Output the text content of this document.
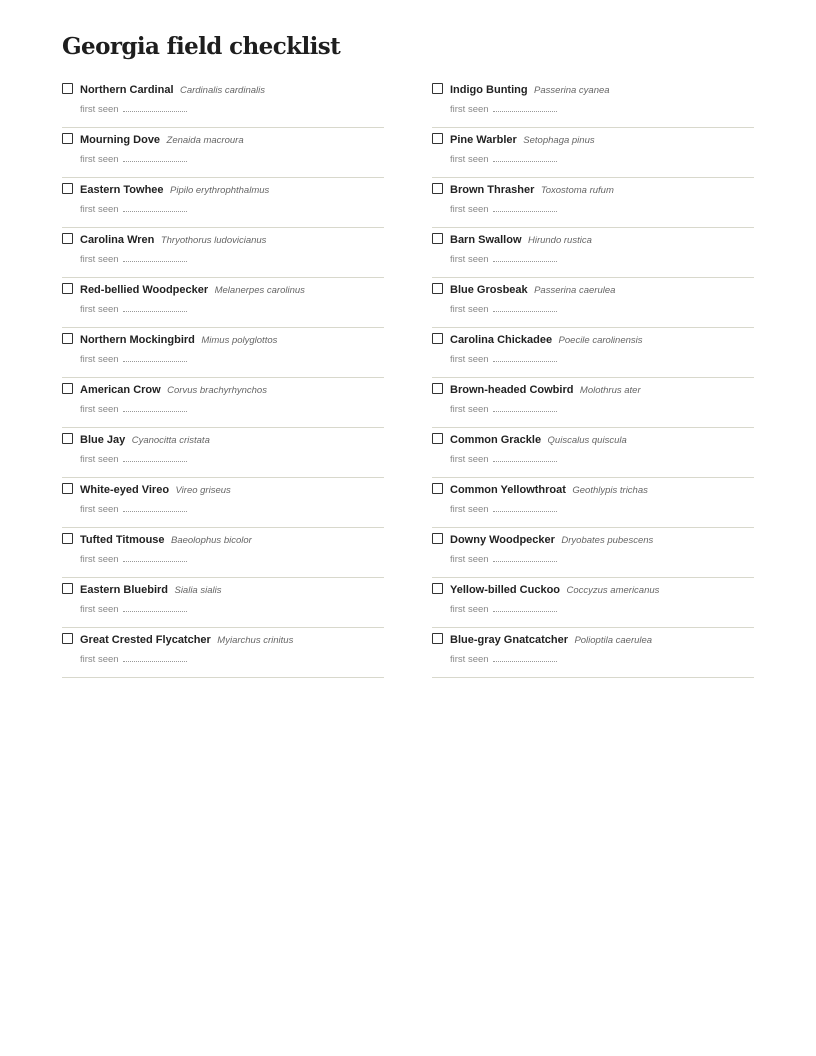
Georgia field checklist
Northern Cardinal Cardinalis cardinalis
first seen
Mourning Dove Zenaida macroura
first seen
Eastern Towhee Pipilo erythrophthalmus
first seen
Carolina Wren Thryothorus ludovicianus
first seen
Red-bellied Woodpecker Melanerpes carolinus
first seen
Northern Mockingbird Mimus polyglottos
first seen
American Crow Corvus brachyrhynchos
first seen
Blue Jay Cyanocitta cristata
first seen
White-eyed Vireo Vireo griseus
first seen
Tufted Titmouse Baeolophus bicolor
first seen
Eastern Bluebird Sialia sialis
first seen
Great Crested Flycatcher Myiarchus crinitus
first seen
Indigo Bunting Passerina cyanea
first seen
Pine Warbler Setophaga pinus
first seen
Brown Thrasher Toxostoma rufum
first seen
Barn Swallow Hirundo rustica
first seen
Blue Grosbeak Passerina caerulea
first seen
Carolina Chickadee Poecile carolinensis
first seen
Brown-headed Cowbird Molothrus ater
first seen
Common Grackle Quiscalus quiscula
first seen
Common Yellowthroat Geothlypis trichas
first seen
Downy Woodpecker Dryobates pubescens
first seen
Yellow-billed Cuckoo Coccyzus americanus
first seen
Blue-gray Gnatcatcher Polioptila caerulea
first seen
